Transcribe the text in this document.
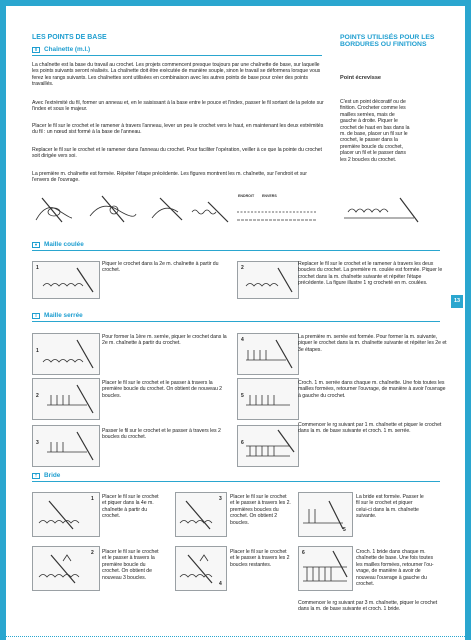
LES POINTS DE BASE
0	Chaînette (m.l.)
La chaînette est la base du travail au crochet. Les projets commencent presque toujours par une chaînette de base, sur laquelle les points suivants seront réalisés. La chaînette doit être exécutée de manière souple, sinon le travail se déformera lorsque vous ferez les rangs suivants. Les chaînettes sont utilisées en combinaison avec les autres points de base pour créer des points travaillés.
Avec l'extrémité du fil, former un anneau et, en le saisissant à la base entre le pouce et l'index, passer le fil sortant de la pelote sur l'index et sous le majeur.
Placer le fil sur le crochet et le ramener à travers l'anneau, lever un peu le crochet vers le haut, en maintenant les deux extrémités du fil : un nœud sist formé à la base de l'anneau.
Replacer le fil sur le crochet et le ramener dans l'anneau du crochet. Pour faciliter l'opération, veiller à ce que la pointe du crochet soit dirigée vers soi.
La première m. chaînette est formée. Répéter l'étape précédente. Les figures montrent les m. chaînette, sur l'endroit et sur l'envers de l'ouvrage.
ENDROIT ENVERS
POINTS UTILISÉS POUR LES BORDURES OU FINITIONS
Point écrevisse
C'est un point décoratif ou de finition. Crocheter comme les mailles serrées, mais de gauche à droite. Piquer le crochet de haut en bas dans la m. de base, placer un fil sur le crochet, le passer dans la première boucle du crochet, placer un fil et le passer dans les 2 boucles du crochet.
13
●	Maille coulée
1
Piquer le crochet dans la 2e m. chaînette à partir du crochet.	2
Replacer le fil sur le crochet et le ramener à travers les deux boucles du crochet. La première m. coulée est formée. Piquer le crochet dans la m. chaînette suivante et répéter l'étape précédente. La figure illustre 1 rg crocheté en m. coulées.
I	Maille serrée
1
Pour former la 1ère m. serrée, piquer le crochet dans la 2e m. chaînette à partir du crochet.
4	La première m. serrée est formée. Pour former la m. suivante, piquer le crochet dans la m. chaînette suivante et répéter les 2e et 3e étapes.
2
Placer le fil sur le crochet et le passer à travers la première boucle du crochet. On obtient de nouveau 2 boucles.	5
Croch. 1 m. serrée dans chaque m. chaînette. Une fois toutes les mailles formées, retourner l'ouvrage, de manière à avoir l'ouvrage à gauche du crochet.
3
Passer le fil sur le crochet et le passer à travers les 2 boucles du crochet.
6
Commencer le rg suivant par 1 m. chaînette et piquer le crochet dans la m. de base suivante et croch. 1 m. serrée.
†	Bride
1 Placer le fil sur le crochet et piquer dans la 4e m. chaînette à partir du crochet.
3 Placer le fil sur le crochet et le passer à travers les 2. premières boucles du crochet. On obtient 2 boucles.
5
La bride est formée. Passer le fil sur le crochet et piquer celui-ci dans la m. chaînette suivante.
2 Placer le fil sur le crochet et le passer à travers la première boucle du crochet. On obtient de nouveau 3 boucles.
4
Placer le fil sur le crochet et le passer à travers les 2 boucles restantes.
6	Croch. 1 bride dans chaque m. chaînette de base. Une fois toutes les mailles formées, retourner l'ou-vrage, de manière à avoir de nouveau l'ouvrage à gauche du crochet.
Commencer le rg suivant par 3 m. chaînette, piquer le crochet dans la m. de base suivante et croch. 1 bride.
